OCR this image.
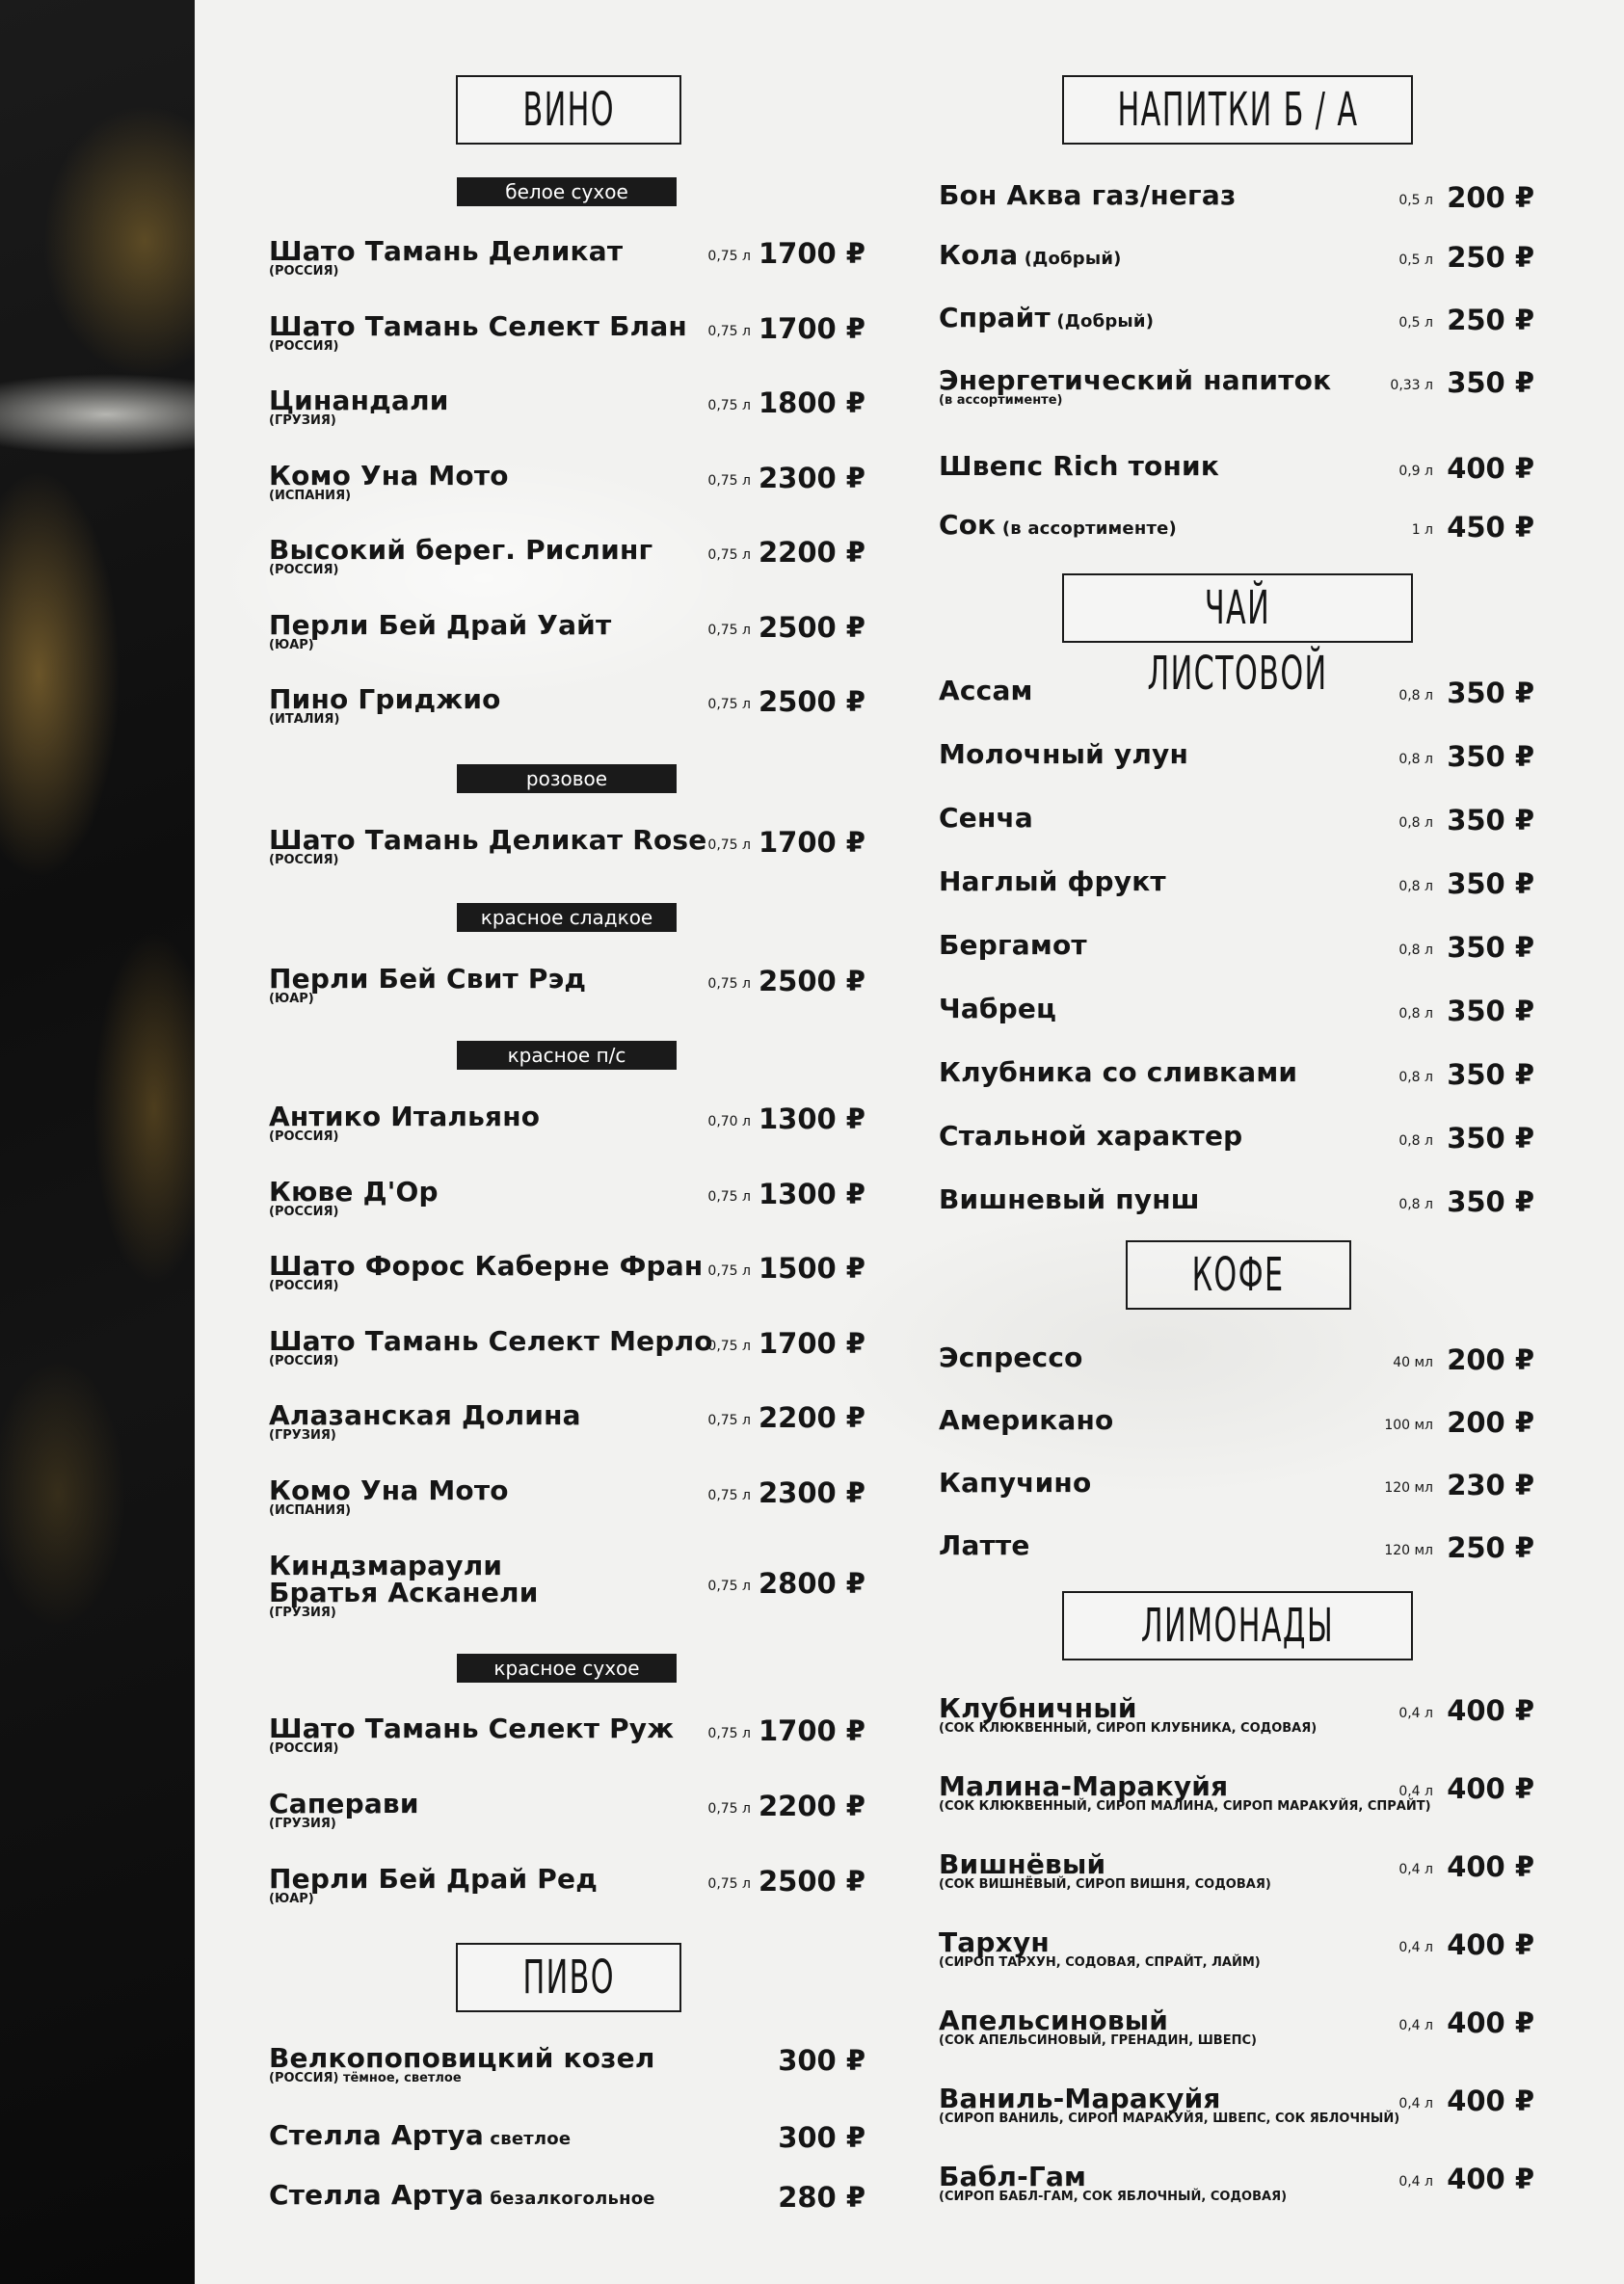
ВИНО
белое сухое
Шато Тамань Деликат
(РОССИЯ)
0,75 л 1700 ₽
Шато Тамань Селект Блан
(РОССИЯ)
0,75 л 1700 ₽
Цинандали
(ГРУЗИЯ)
0,75 л 1800 ₽
Комо Уна Мото
(ИСПАНИЯ)
0,75 л 2300 ₽
Высокий берег. Рислинг
(РОССИЯ)
0,75 л 2200 ₽
Перли Бей Драй Уайт
(ЮАР)
0,75 л 2500 ₽
Пино Гриджио
(ИТАЛИЯ)
0,75 л 2500 ₽
розовое
Шато Тамань Деликат Rose
(РОССИЯ)
0,75 л 1700 ₽
красное сладкое
Перли Бей Свит Рэд
(ЮАР)
0,75 л 2500 ₽
красное п/с
Антико Итальяно
(РОССИЯ)
0,70 л 1300 ₽
Кюве Д'Ор
(РОССИЯ)
0,75 л 1300 ₽
Шато Форос Каберне Фран
(РОССИЯ)
0,75 л 1500 ₽
Шато Тамань Селект Мерло
(РОССИЯ)
0,75 л 1700 ₽
Алазанская Долина
(ГРУЗИЯ)
0,75 л 2200 ₽
Комо Уна Мото
(ИСПАНИЯ)
0,75 л 2300 ₽
Киндзмараули
Братья Асканели
(ГРУЗИЯ)
0,75 л 2800 ₽
красное сухое
Шато Тамань Селект Руж
(РОССИЯ)
0,75 л 1700 ₽
Саперави
(ГРУЗИЯ)
0,75 л 2200 ₽
Перли Бей Драй Ред
(ЮАР)
0,75 л 2500 ₽
ПИВО
Велкопоповицкий козел
(РОССИЯ) тёмное, светлое
300 ₽
Стелла Артуа светлое	300 ₽
Стелла Артуа безалкогольное	280 ₽
НАПИТКИ Б / А
Бон Аква газ/негаз	0,5 л 200 ₽
Кола (Добрый)	0,5 л 250 ₽
Спрайт (Добрый)	0,5 л 250 ₽
Энергетический напиток
(в ассортименте)
0,33 л 350 ₽
Швепс Rich тоник	0,9 л 400 ₽
Сок (в ассортименте)	1 л 450 ₽
ЧАЙ ЛИСТОВОЙ
Ассам	0,8 л 350 ₽
Молочный улун	0,8 л 350 ₽
Сенча	0,8 л 350 ₽
Наглый фрукт	0,8 л 350 ₽
Бергамот	0,8 л 350 ₽
Чабрец	0,8 л 350 ₽
Клубника со сливками	0,8 л 350 ₽
Стальной характер	0,8 л 350 ₽
Вишневый пунш	0,8 л 350 ₽
КОФЕ
Эспрессо	40 мл 200 ₽
Американо	100 мл 200 ₽
Капучино	120 мл 230 ₽
Латте	120 мл 250 ₽
ЛИМОНАДЫ
Клубничный
(СОК КЛЮКВЕННЫЙ, СИРОП КЛУБНИКА, СОДОВАЯ)
0,4 л 400 ₽
Малина-Маракуйя
(СОК КЛЮКВЕННЫЙ, СИРОП МАЛИНА, СИРОП МАРАКУЙЯ, СПРАЙТ)
0,4 л 400 ₽
Вишнёвый
(СОК ВИШНЁВЫЙ, СИРОП ВИШНЯ, СОДОВАЯ)
0,4 л 400 ₽
Тархун
(СИРОП ТАРХУН, СОДОВАЯ, СПРАЙТ, ЛАЙМ)
0,4 л 400 ₽
Апельсиновый
(СОК АПЕЛЬСИНОВЫЙ, ГРЕНАДИН, ШВЕПС)
0,4 л 400 ₽
Ваниль-Маракуйя
(СИРОП ВАНИЛЬ, СИРОП МАРАКУЙЯ, ШВЕПС, СОК ЯБЛОЧНЫЙ)
0,4 л 400 ₽
Бабл-Гам
(СИРОП БАБЛ-ГАМ, СОК ЯБЛОЧНЫЙ, СОДОВАЯ)
0,4 л 400 ₽
